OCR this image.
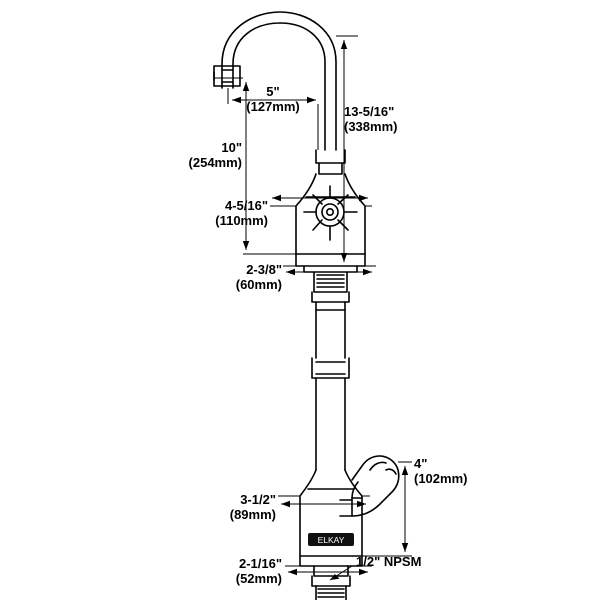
ELKAY
5"
(127mm)
10"
(254mm)
13-5/16"
(338mm)
4-5/16"
(110mm)
2-3/8"
(60mm)
4"
(102mm)
3-1/2"
(89mm)
2-1/16"
(52mm)
1/2" NPSM
